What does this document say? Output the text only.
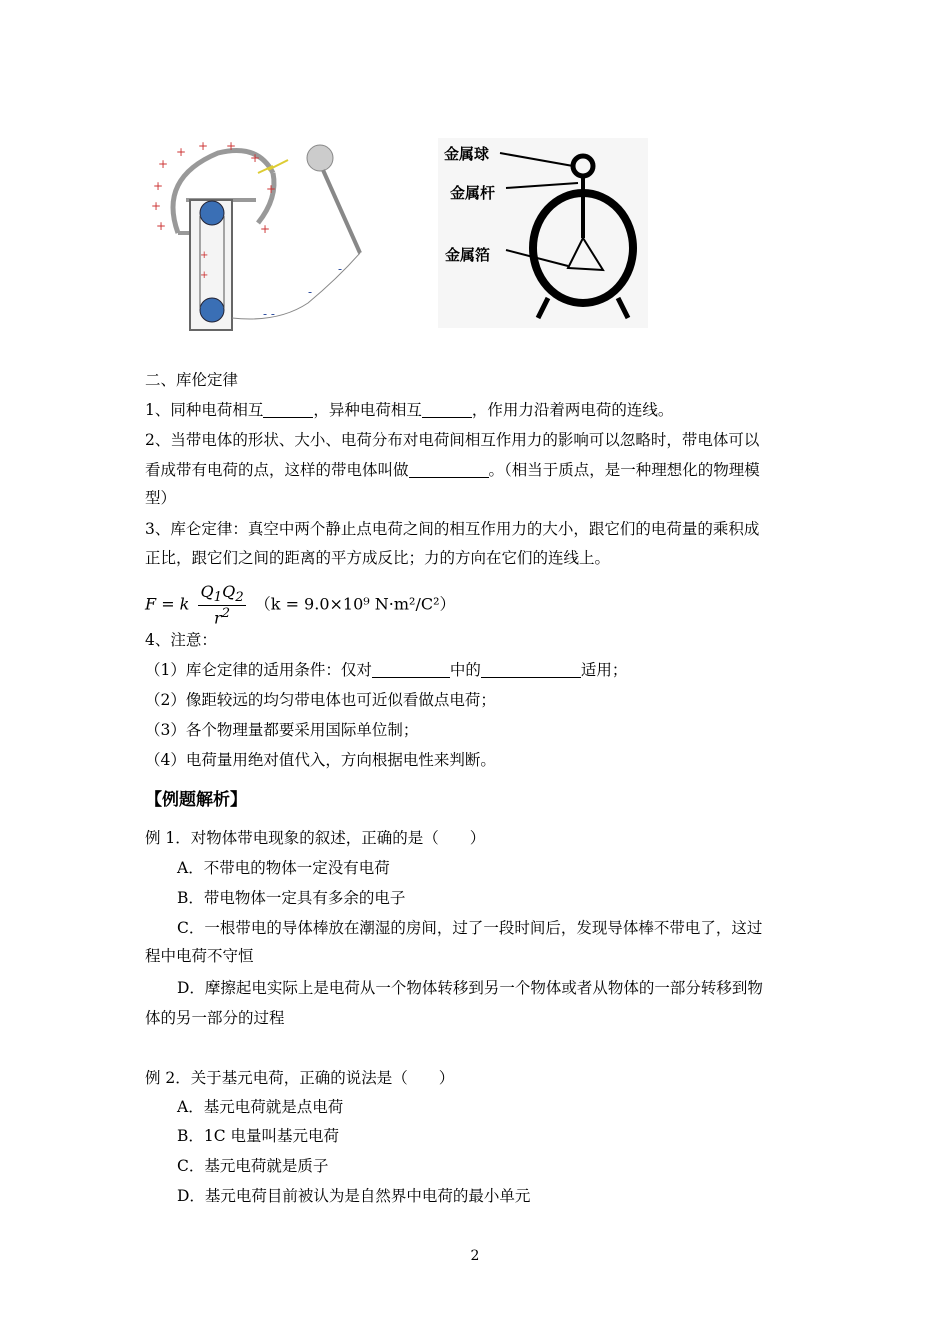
+
+
+
+ + +
+
+
+
+
+
+
- -
-
-
金属球
金属杆
金属箔
二、库伦定律
1、同种电荷相互	，异种电荷相互	，作用力沿着两电荷的连线。
2、当带电体的形状、大小、电荷分布对电荷间相互作用力的影响可以忽略时，带电体可以
看成带有电荷的点，这样的带电体叫做	。（相当于质点，是一种理想化的物理模
型）
3、库仑定律：真空中两个静止点电荷之间的相互作用力的大小，跟它们的电荷量的乘积成
正比，跟它们之间的距离的平方成反比；力的方向在它们的连线上。
F = k $\frac{Q_1Q_2}{r^2} (k = 9.0\times 10^9$ N·m²/C²）
4、注意：
（1）库仑定律的适用条件：仅对	中的	适用；
（2）像距较远的均匀带电体也可近似看做点电荷；
（3）各个物理量都要采用国际单位制；
（4）电荷量用绝对值代入，方向根据电性来判断。
【例题解析】
例 1．对物体带电现象的叙述，正确的是（　　）
A．不带电的物体一定没有电荷
B．带电物体一定具有多余的电子
C．一根带电的导体棒放在潮湿的房间，过了一段时间后，发现导体棒不带电了，这过
程中电荷不守恒
D．摩擦起电实际上是电荷从一个物体转移到另一个物体或者从物体的一部分转移到物
体的另一部分的过程
例 2．关于基元电荷，正确的说法是（　　）
A．基元电荷就是点电荷
B．1C 电量叫基元电荷
C．基元电荷就是质子
D．基元电荷目前被认为是自然界中电荷的最小单元
2
